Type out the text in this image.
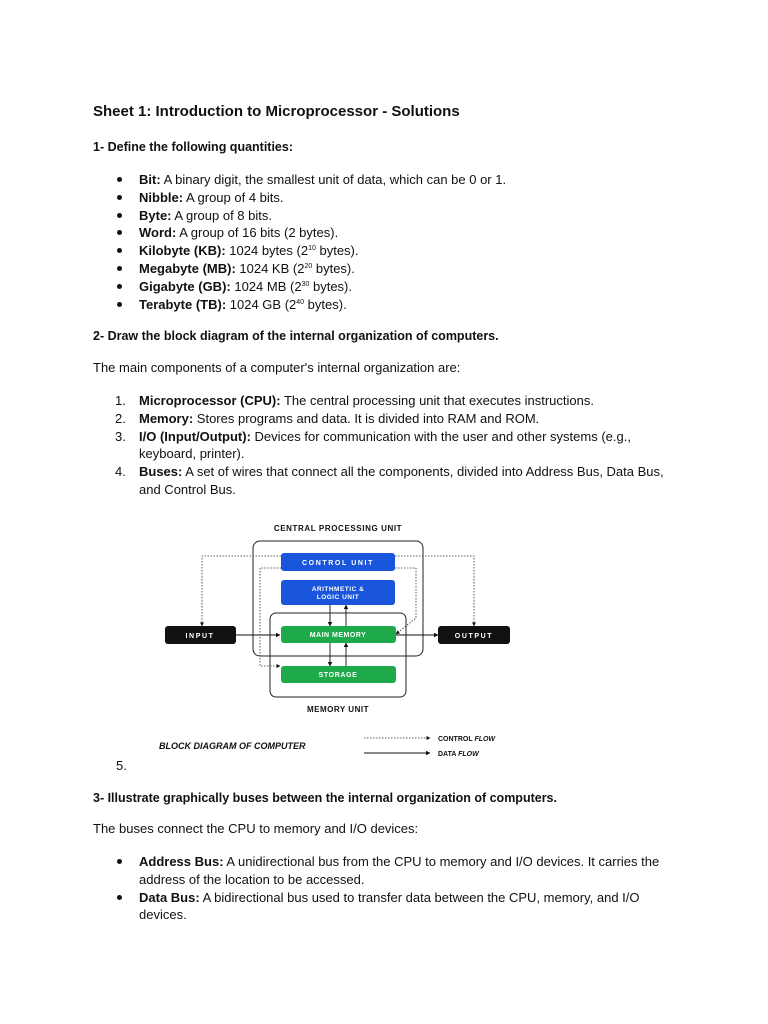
Sheet 1: Introduction to Microprocessor - Solutions

1- Define the following quantities:

Bit: A binary digit, the smallest unit of data, which can be 0 or 1.
Nibble: A group of 4 bits.
Byte: A group of 8 bits.
Word: A group of 16 bits (2 bytes).
Kilobyte (KB): 1024 bytes ($2^{10}$ bytes).
Megabyte (MB): 1024 KB ($2^{20}$ bytes).
Gigabyte (GB): 1024 MB ($2^{30}$ bytes).
Terabyte (TB): 1024 GB ($2^{40}$ bytes).

2- Draw the block diagram of the internal organization of computers.

The main components of a computer's internal organization are:

1. Microprocessor (CPU): The central processing unit that executes instructions.
2. Memory: Stores programs and data. It is divided into RAM and ROM.
3. I/O (Input/Output): Devices for communication with the user and other systems (e.g., keyboard, printer).
4. Buses: A set of wires that connect all the components, divided into Address Bus, Data Bus, and Control Bus.
5.
CENTRAL PROCESSING UNIT
MEMORY UNIT
CONTROL UNIT
ARITHMETIC &
LOGIC UNIT
MAIN MEMORY
STORAGE
INPUT	OUTPUT
BLOCK DIAGRAM OF COMPUTER
CONTROL FLOW
DATA FLOW

3- Illustrate graphically buses between the internal organization of computers.

The buses connect the CPU to memory and I/O devices:

Address Bus: A unidirectional bus from the CPU to memory and I/O devices. It carries the address of the location to be accessed.
Data Bus: A bidirectional bus used to transfer data between the CPU, memory, and I/O devices.
